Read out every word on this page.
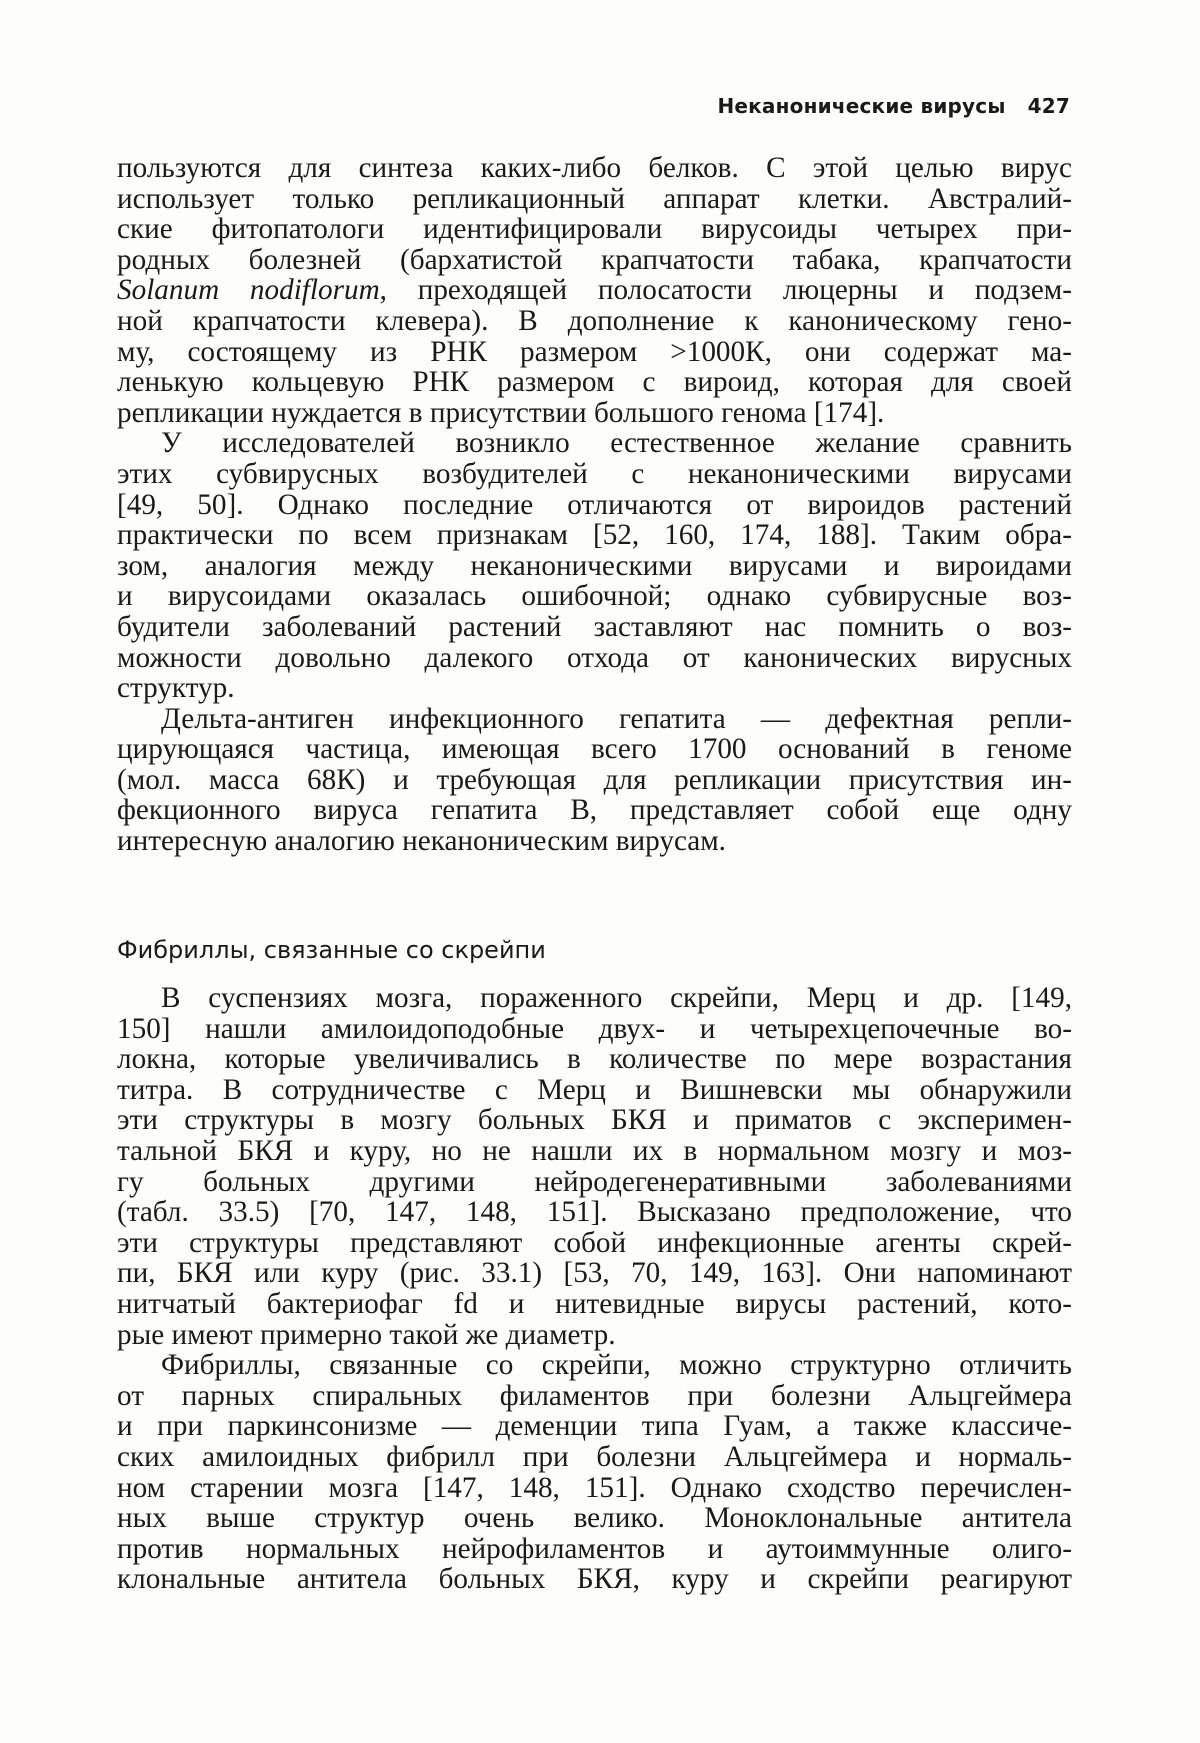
Неканонические вирусы 427
пользуются для синтеза каких-либо белков. С этой целью вирус
использует только репликационный аппарат клетки. Австралий-
ские фитопатологи идентифицировали вирусоиды четырех при-
родных болезней (бархатистой крапчатости табака, крапчатости
Solanum nodiflorum, преходящей полосатости люцерны и подзем-
ной крапчатости клевера). В дополнение к каноническому гено-
му, состоящему из РНК размером >1000К, они содержат ма-
ленькую кольцевую РНК размером с вироид, которая для своей
репликации нуждается в присутствии большого генома [174].
У исследователей возникло естественное желание сравнить
этих субвирусных возбудителей с неканоническими вирусами
[49, 50]. Однако последние отличаются от вироидов растений
практически по всем признакам [52, 160, 174, 188]. Таким обра-
зом, аналогия между неканоническими вирусами и вироидами
и вирусоидами оказалась ошибочной; однако субвирусные воз-
будители заболеваний растений заставляют нас помнить о воз-
можности довольно далекого отхода от канонических вирусных
структур.
Дельта-антиген инфекционного гепатита — дефектная репли-
цирующаяся частица, имеющая всего 1700 оснований в геноме
(мол. масса 68К) и требующая для репликации присутствия ин-
фекционного вируса гепатита В, представляет собой еще одну
интересную аналогию неканоническим вирусам.
Фибриллы, связанные со скрейпи
В суспензиях мозга, пораженного скрейпи, Мерц и др. [149,
150] нашли амилоидоподобные двух- и четырехцепочечные во-
локна, которые увеличивались в количестве по мере возрастания
титра. В сотрудничестве с Мерц и Вишневски мы обнаружили
эти структуры в мозгу больных БКЯ и приматов с эксперимен-
тальной БКЯ и куру, но не нашли их в нормальном мозгу и моз-
гу больных другими нейродегенеративными заболеваниями
(табл. 33.5) [70, 147, 148, 151]. Высказано предположение, что
эти структуры представляют собой инфекционные агенты скрей-
пи, БКЯ или куру (рис. 33.1) [53, 70, 149, 163]. Они напоминают
нитчатый бактериофаг fd и нитевидные вирусы растений, кото-
рые имеют примерно такой же диаметр.
Фибриллы, связанные со скрейпи, можно структурно отличить
от парных спиральных филаментов при болезни Альцгеймера
и при паркинсонизме — деменции типа Гуам, а также классиче-
ских амилоидных фибрилл при болезни Альцгеймера и нормаль-
ном старении мозга [147, 148, 151]. Однако сходство перечислен-
ных выше структур очень велико. Моноклональные антитела
против нормальных нейрофиламентов и аутоиммунные олиго-
клональные антитела больных БКЯ, куру и скрейпи реагируют
